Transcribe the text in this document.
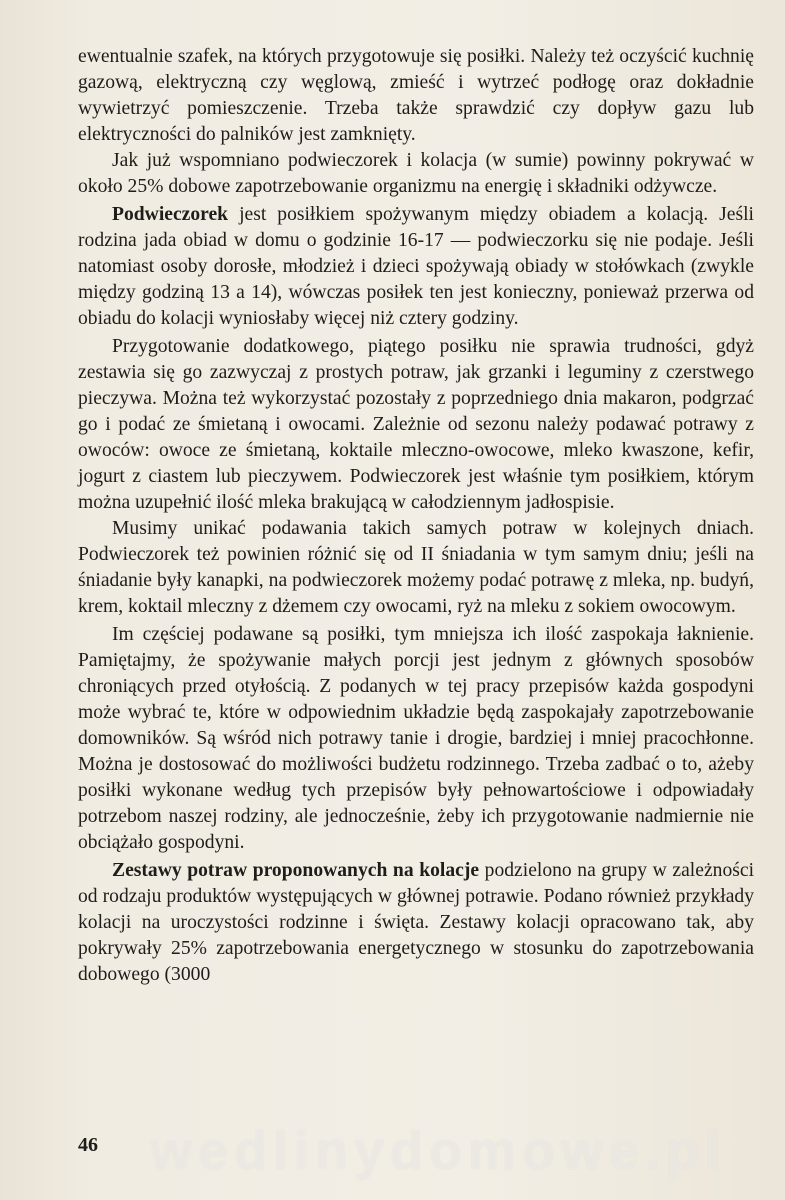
ewentualnie szafek, na których przygotowuje się posiłki. Należy też oczyścić kuchnię gazową, elektryczną czy węglową, zmieść i wytrzeć podłogę oraz dokładnie wywietrzyć pomieszczenie. Trzeba także sprawdzić czy dopływ gazu lub elektryczności do palników jest zamknięty.

Jak już wspomniano podwieczorek i kolacja (w sumie) powinny pokrywać w około 25% dobowe zapotrzebowanie organizmu na energię i składniki odżywcze.

Podwieczorek jest posiłkiem spożywanym między obiadem a kolacją. Jeśli rodzina jada obiad w domu o godzinie 16-17 — podwieczorku się nie podaje. Jeśli natomiast osoby dorosłe, młodzież i dzieci spożywają obiady w stołówkach (zwykle między godziną 13 a 14), wówczas posiłek ten jest konieczny, ponieważ przerwa od obiadu do kolacji wyniosłaby więcej niż cztery godziny.

Przygotowanie dodatkowego, piątego posiłku nie sprawia trudności, gdyż zestawia się go zazwyczaj z prostych potraw, jak grzanki i leguminy z czerstwego pieczywa. Można też wykorzystać pozostały z poprzedniego dnia makaron, podgrzać go i podać ze śmietaną i owocami. Zależnie od sezonu należy podawać potrawy z owoców: owoce ze śmietaną, koktaile mleczno-owocowe, mleko kwaszone, kefir, jogurt z ciastem lub pieczywem. Podwieczorek jest właśnie tym posiłkiem, którym można uzupełnić ilość mleka brakującą w całodziennym jadłospisie.

Musimy unikać podawania takich samych potraw w kolejnych dniach. Podwieczorek też powinien różnić się od II śniadania w tym samym dniu; jeśli na śniadanie były kanapki, na podwieczorek możemy podać potrawę z mleka, np. budyń, krem, koktail mleczny z dżemem czy owocami, ryż na mleku z sokiem owocowym.

Im częściej podawane są posiłki, tym mniejsza ich ilość zaspokaja łaknienie. Pamiętajmy, że spożywanie małych porcji jest jednym z głównych sposobów chroniących przed otyłością. Z podanych w tej pracy przepisów każda gospodyni może wybrać te, które w odpowiednim układzie będą zaspokajały zapotrzebowanie domowników. Są wśród nich potrawy tanie i drogie, bardziej i mniej pracochłonne. Można je dostosować do możliwości budżetu rodzinnego. Trzeba zadbać o to, ażeby posiłki wykonane według tych przepisów były pełnowartościowe i odpowiadały potrzebom naszej rodziny, ale jednocześnie, żeby ich przygotowanie nadmiernie nie obciążało gospodyni.

Zestawy potraw proponowanych na kolacje podzielono na grupy w zależności od rodzaju produktów występujących w głównej potrawie. Podano również przykłady kolacji na uroczystości rodzinne i święta. Zestawy kolacji opracowano tak, aby pokrywały 25% zapotrzebowania energetycznego w stosunku do zapotrzebowania dobowego (3000

wedlinydomowe.pl
46
